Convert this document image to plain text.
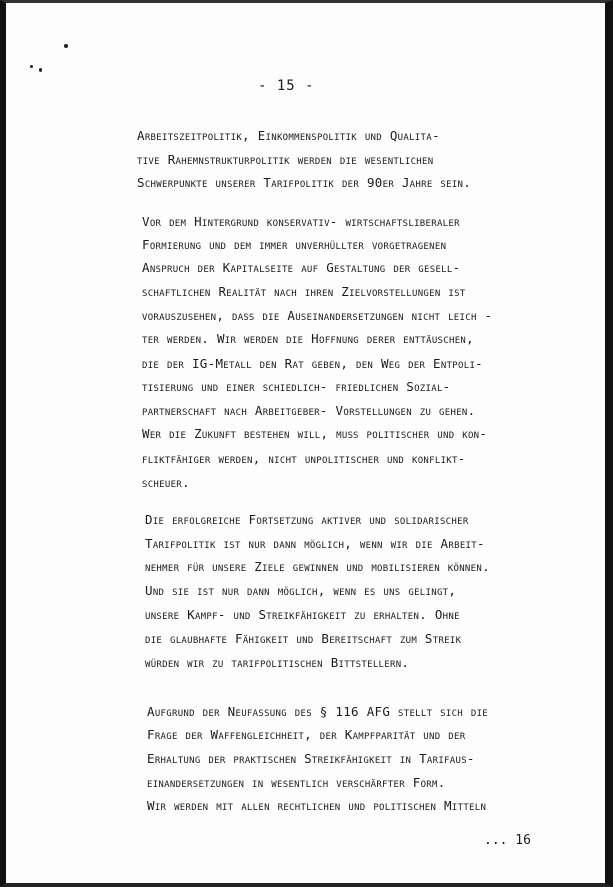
- 15 -
Arbeitszeitpolitik, Einkommenspolitik und Qualita-
tive Rahemnstrukturpolitik werden die wesentlichen
Schwerpunkte unserer Tarifpolitik der 90er Jahre sein.
Vor dem Hintergrund konservativ- wirtschaftsliberaler
Formierung und dem immer unverhüllter vorgetragenen
Anspruch der Kapitalseite auf Gestaltung der gesell-
schaftlichen Realität nach ihren Zielvorstellungen ist
vorauszusehen, daß die Auseinandersetzungen nicht leich -
ter werden. Wir werden die Hoffnung derer enttäuschen,
die der IG-Metall den Rat geben, den Weg der Entpoli-
tisierung und einer schiedlich- friedlichen Sozial-
partnerschaft nach Arbeitgeber- Vorstellungen zu gehen.
Wer die Zukunft bestehen will, muß politischer und kon-
fliktfähiger werden, nicht unpolitischer und konflikt-
scheuer.
Die erfolgreiche Fortsetzung aktiver und solidarischer
Tarifpolitik ist nur dann möglich, wenn wir die Arbeit-
nehmer für unsere Ziele gewinnen und mobilisieren können.
Und sie ist nur dann möglich, wenn es uns gelingt,
unsere Kampf- und Streikfähigkeit zu erhalten. Ohne
die glaubhafte Fähigkeit und Bereitschaft zum Streik
würden wir zu tarifpolitischen Bittstellern.
Aufgrund der Neufassung des § 116 AFG stellt sich die
Frage der Waffengleichheit, der Kampfparität und der
Erhaltung der praktischen Streikfähigkeit in Tarifaus-
einandersetzungen in wesentlich verschärfter Form.
Wir werden mit allen rechtlichen und politischen Mitteln
... 16
